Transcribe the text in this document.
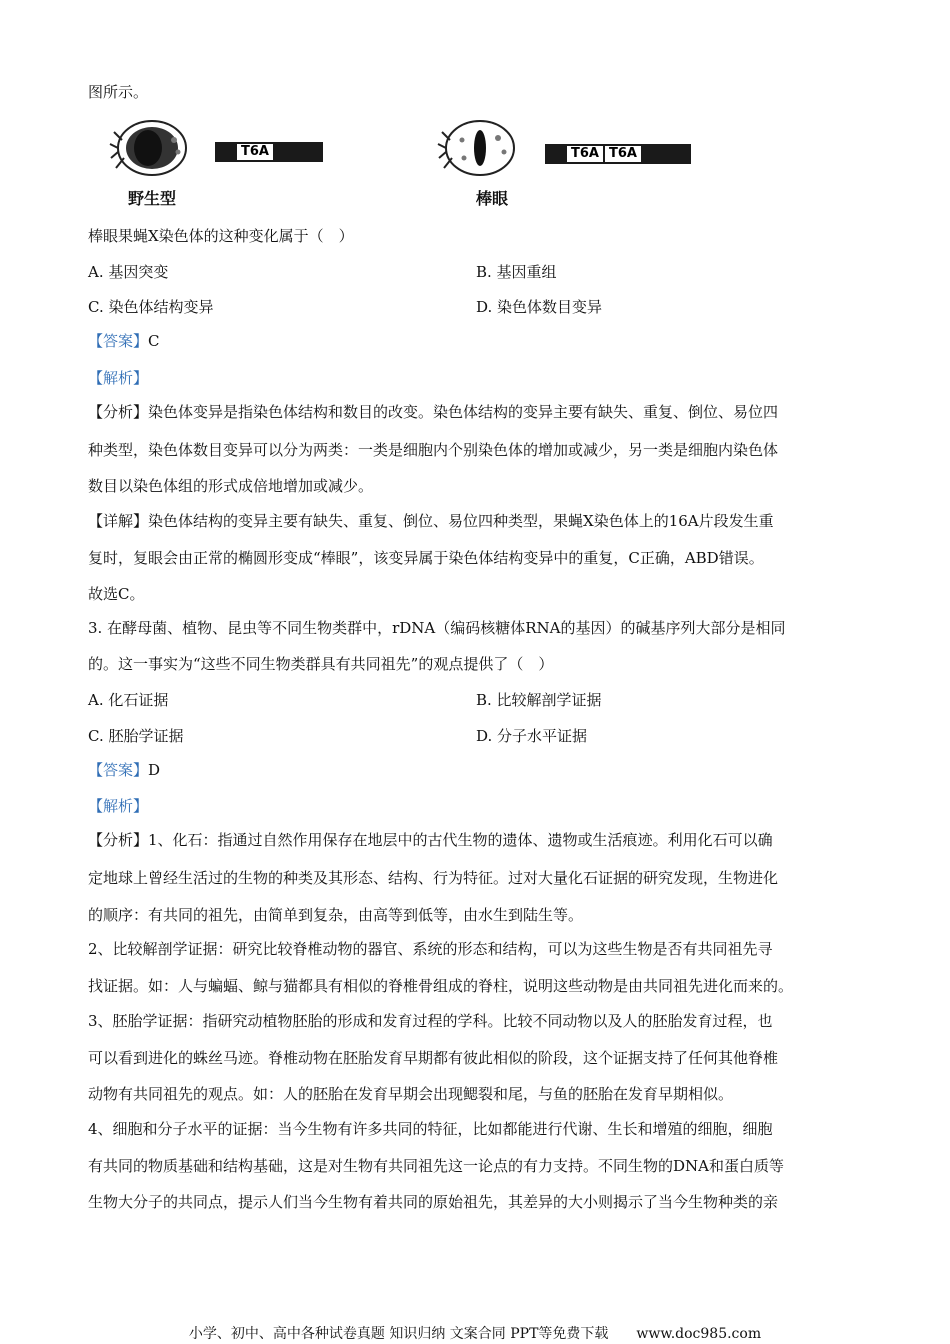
图所示。
T6A
野生型
T6A T6A
棒眼
棒眼果蝇X染色体的这种变化属于（　）
A. 基因突变	B. 基因重组
C. 染色体结构变异	D. 染色体数目变异
【答案】C
【解析】
【分析】染色体变异是指染色体结构和数目的改变。染色体结构的变异主要有缺失、重复、倒位、易位四
种类型，染色体数目变异可以分为两类：一类是细胞内个别染色体的增加或减少，另一类是细胞内染色体
数目以染色体组的形式成倍地增加或减少。
【详解】染色体结构的变异主要有缺失、重复、倒位、易位四种类型，果蝇X染色体上的16A片段发生重
复时，复眼会由正常的椭圆形变成“棒眼”，该变异属于染色体结构变异中的重复，C正确，ABD错误。
故选C。
3. 在酵母菌、植物、昆虫等不同生物类群中，rDNA（编码核糖体RNA的基因）的碱基序列大部分是相同
的。这一事实为“这些不同生物类群具有共同祖先”的观点提供了（　）
A. 化石证据	B. 比较解剖学证据
C. 胚胎学证据	D. 分子水平证据
【答案】D
【解析】
【分析】1、化石：指通过自然作用保存在地层中的古代生物的遗体、遗物或生活痕迹。利用化石可以确
定地球上曾经生活过的生物的种类及其形态、结构、行为特征。过对大量化石证据的研究发现，生物进化
的顺序：有共同的祖先，由简单到复杂，由高等到低等，由水生到陆生等。
2、比较解剖学证据：研究比较脊椎动物的器官、系统的形态和结构，可以为这些生物是否有共同祖先寻
找证据。如：人与蝙蝠、鲸与猫都具有相似的脊椎骨组成的脊柱，说明这些动物是由共同祖先进化而来的。
3、胚胎学证据：指研究动植物胚胎的形成和发育过程的学科。比较不同动物以及人的胚胎发育过程，也
可以看到进化的蛛丝马迹。脊椎动物在胚胎发育早期都有彼此相似的阶段，这个证据支持了任何其他脊椎
动物有共同祖先的观点。如：人的胚胎在发育早期会出现鳃裂和尾，与鱼的胚胎在发育早期相似。
4、细胞和分子水平的证据：当今生物有许多共同的特征，比如都能进行代谢、生长和增殖的细胞，细胞
有共同的物质基础和结构基础，这是对生物有共同祖先这一论点的有力支持。不同生物的DNA和蛋白质等
生物大分子的共同点，提示人们当今生物有着共同的原始祖先，其差异的大小则揭示了当今生物种类的亲
小学、初中、高中各种试卷真题 知识归纳 文案合同 PPT等免费下载　　www.doc985.com
